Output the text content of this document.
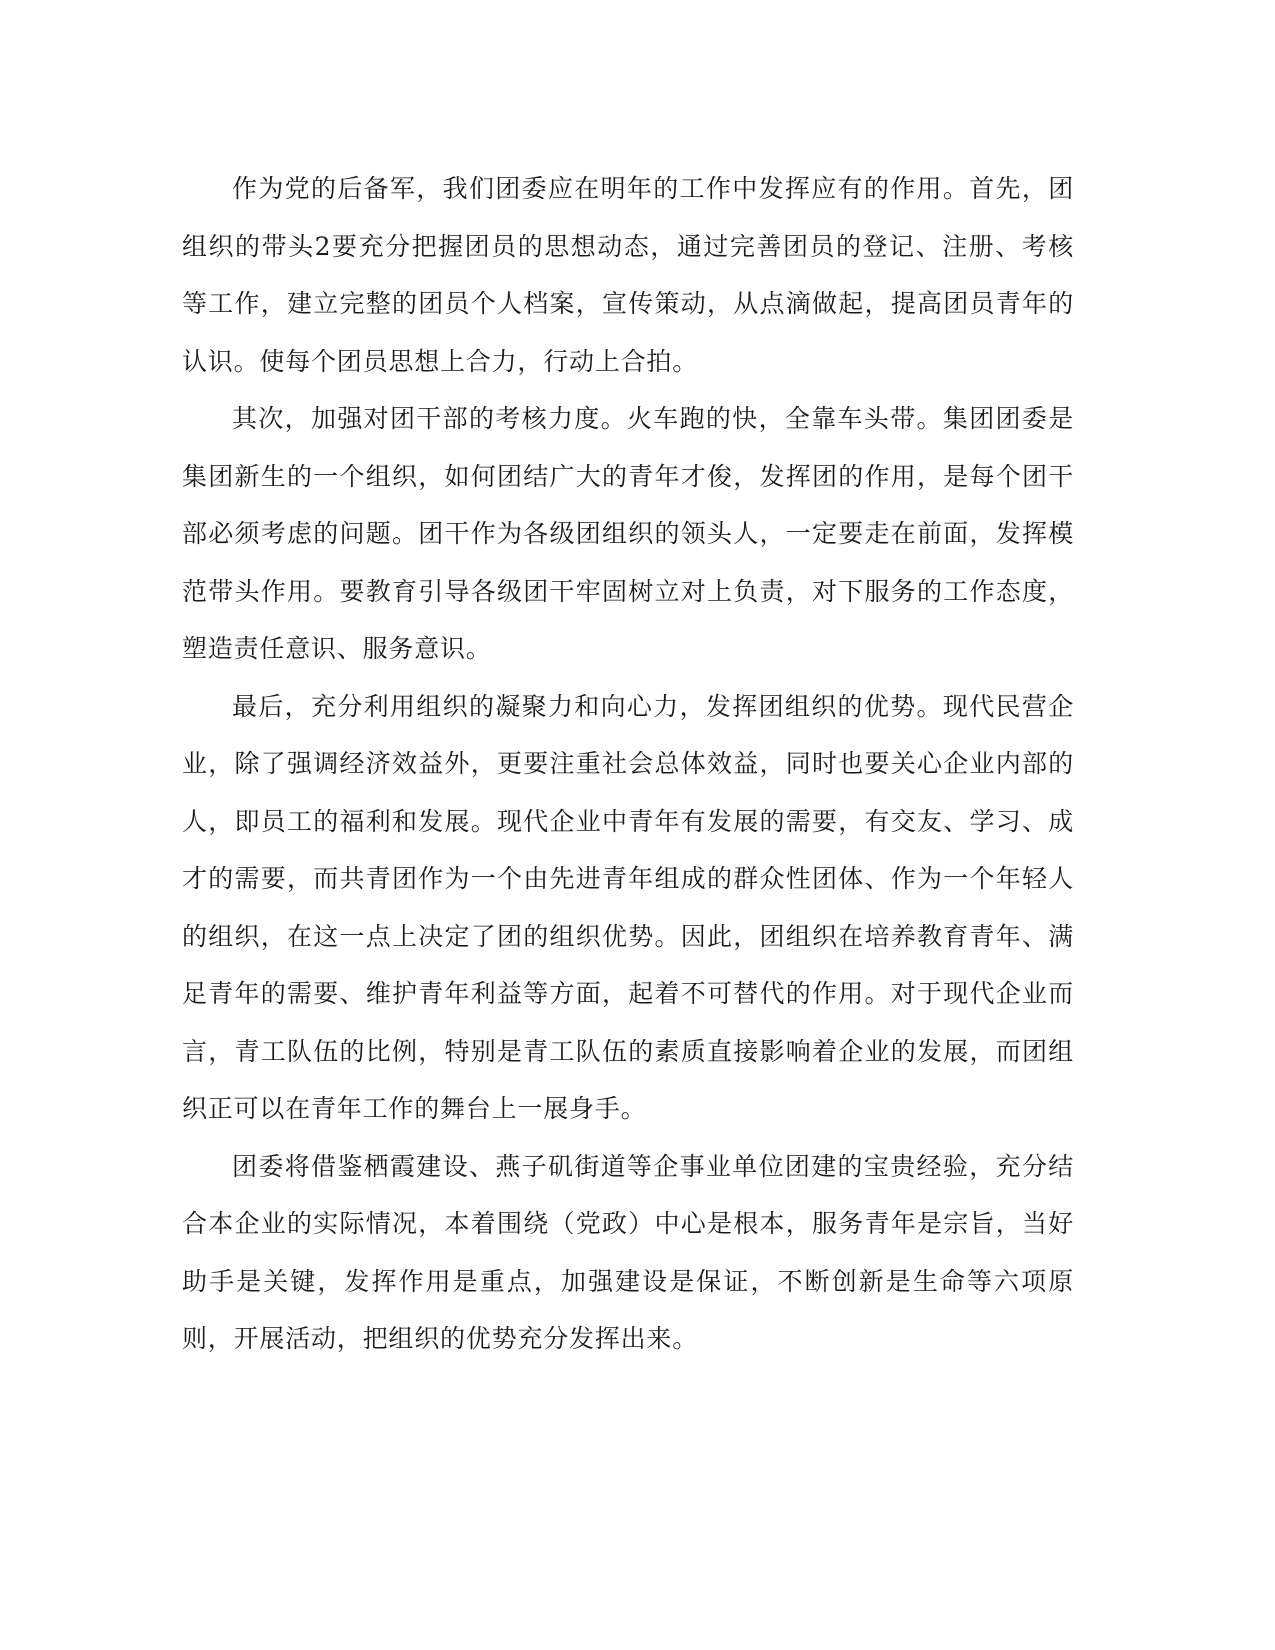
作为党的后备军，我们团委应在明年的工作中发挥应有的作用。首先，团组织的带头2要充分把握团员的思想动态，通过完善团员的登记、注册、考核等工作，建立完整的团员个人档案，宣传策动，从点滴做起，提高团员青年的认识。使每个团员思想上合力，行动上合拍。

其次，加强对团干部的考核力度。火车跑的快，全靠车头带。集团团委是集团新生的一个组织，如何团结广大的青年才俊，发挥团的作用，是每个团干部必须考虑的问题。团干作为各级团组织的领头人，一定要走在前面，发挥模范带头作用。要教育引导各级团干牢固树立对上负责，对下服务的工作态度，塑造责任意识、服务意识。

最后，充分利用组织的凝聚力和向心力，发挥团组织的优势。现代民营企业，除了强调经济效益外，更要注重社会总体效益，同时也要关心企业内部的人，即员工的福利和发展。现代企业中青年有发展的需要，有交友、学习、成才的需要，而共青团作为一个由先进青年组成的群众性团体、作为一个年轻人的组织，在这一点上决定了团的组织优势。因此，团组织在培养教育青年、满足青年的需要、维护青年利益等方面，起着不可替代的作用。对于现代企业而言，青工队伍的比例，特别是青工队伍的素质直接影响着企业的发展，而团组织正可以在青年工作的舞台上一展身手。

团委将借鉴栖霞建设、燕子矶街道等企事业单位团建的宝贵经验，充分结合本企业的实际情况，本着围绕（党政）中心是根本，服务青年是宗旨，当好助手是关键，发挥作用是重点，加强建设是保证，不断创新是生命等六项原则，开展活动，把组织的优势充分发挥出来。
